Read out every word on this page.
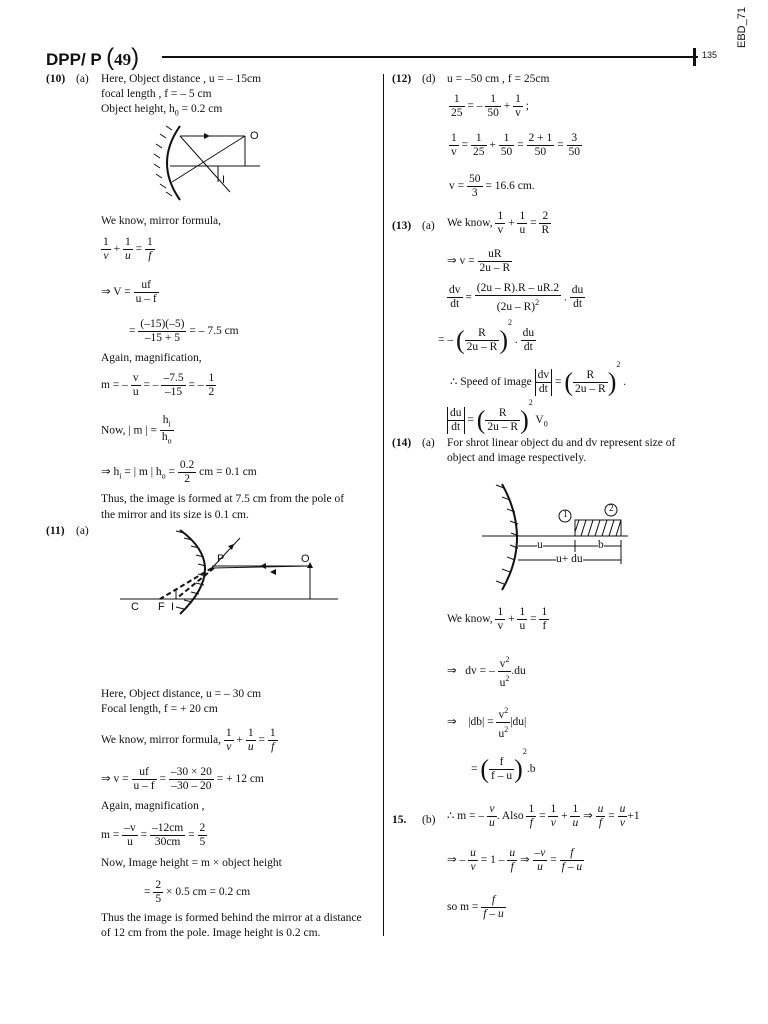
DPP/ P (49)	135
EBD_71
(10) (a) Here, Object distance , u = – 15cm
focal length , f = – 5 cm
Object height, $h_0 = 0.2$ cm
O
I
We know, mirror formula,
$\frac{1}{v} + \frac{1}{u} = \frac{1}{f}$
⇒ $V = \frac{uf}{u - f}$
= $\frac{(-15)(-5)}{-15 + 5}$ = – 7.5 cm
Again, magnification,
m = – $\frac{v}{u}$ = – $\frac{-7.5}{-15}$ = – $\frac{1}{2}$
Now, | m | = $\frac{h_i}{h_o}$
⇒ $h_i$ = | m | $h_o = \frac{0.2}{2}$ cm = 0.1 cm
Thus, the image is formed at 7.5 cm from the pole of
the mirror and its size is 0.1 cm.
(11) (a)
P	O
C F I
Here, Object distance, u = – 30 cm
Focal length, f = + 20 cm
We know, mirror formula, $\frac{1}{v} + \frac{1}{u} = \frac{1}{f}$
⇒ $v = \frac{uf}{u - f} = \frac{-30 \times 20}{-30 - 20}$ = + 12 cm
Again, magnification ,
$m = \frac{-v}{u} = \frac{-12cm}{30cm} = \frac{2}{5}$
Now, Image height = m × object height
= $\frac{2}{5} \times 0.5$ cm = 0.2 cm
Thus the image is formed behind the mirror at a distance
of 12 cm from the pole. Image height is 0.2 cm.
(12) (d) u = –50 cm , f = 25cm
$\frac{1}{25}$ = – $\frac{1}{50} + \frac{1}{v}$ ;
$\frac{1}{v} = \frac{1}{25} + \frac{1}{50} = \frac{2 + 1}{50} = \frac{3}{50}$
$v = \frac{50}{3} = 16.6$ cm.
(13) (a) We know, $\frac{1}{v} + \frac{1}{u} = \frac{2}{R}$
⇒ $v = \frac{uR}{2u - R}$
$\frac{dv}{dt} = \frac{(2u - R).R - uR.2}{(2u - R)^2}$ . $\frac{du}{dt}$
= – ( $\frac{R}{2u - R} )^2$ . $\frac{du}{dt}$
∴ Speed of image $\frac{dv}{dt}$ = ( $\frac{R}{2u - R} )^2$ .
$\frac{du}{dt}$ = ( $\frac{R}{2u - R} )^2$ $V_0$
(14) (a) For shrot linear object du and dv represent size of
object and image respectively.
1
2
u	b
u+ du
We know, $\frac{1}{v} + \frac{1}{u} = \frac{1}{f}$
⇒   dv = – $\frac{v^2}{u^2} .du$
⇒ $|db| = \frac{v^2}{u^2} |du|$
= ( $\frac{f}{f - u} )^2.b$
15. (b) ∴ m = – $\frac{v}{u}$ . Also $\frac{1}{f} = \frac{1}{v} + \frac{1}{u}$ ⇒ $\frac{u}{f} = \frac{u}{v} +1$
⇒ – $\frac{u}{v} = 1 - \frac{u}{f}$ ⇒ $\frac{-v}{u} = \frac{f}{f - u}$
so $m = \frac{f}{f - u}$
